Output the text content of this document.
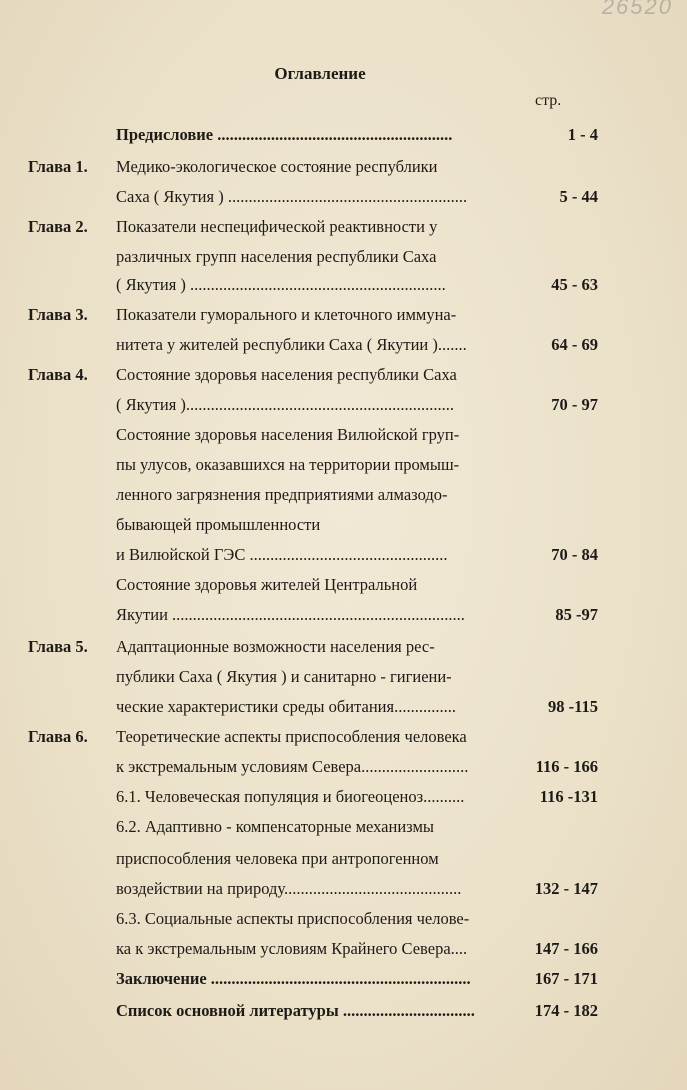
26520
Оглавление
стр.
Предисловие .........................................................	1 - 4
Глава 1.	Медико-экологическое состояние республики
Саха ( Якутия ) ..........................................................	5 - 44
Глава 2.	Показатели неспецифической реактивности у
различных групп населения республики Саха
( Якутия ) ..............................................................	45 - 63
Глава 3.	Показатели гуморального и клеточного иммуна-
нитета у жителей республики Саха ( Якутии ).......	64 - 69
Глава 4.	Состояние здоровья населения республики Саха
( Якутия ).................................................................	70 - 97
Состояние здоровья населения Вилюйской груп-
пы улусов, оказавшихся на территории промыш-
ленного загрязнения предприятиями алмазодо-
бывающей промышленности
и Вилюйской ГЭС ................................................	70 - 84
Состояние здоровья жителей Центральной
Якутии .......................................................................	85 -97
Глава 5.	Адаптационные возможности населения рес-
публики Саха ( Якутия ) и санитарно - гигиени-
ческие характеристики среды обитания...............	98 -115
Глава 6.	Теоретические аспекты приспособления человека
к экстремальным условиям Севера..........................	116 - 166
6.1. Человеческая популяция и биогеоценоз..........	116 -131
6.2. Адаптивно - компенсаторные механизмы
приспособления человека при антропогенном
воздействии на природу...........................................	132 - 147
6.3. Социальные аспекты приспособления челове-
ка к экстремальным условиям Крайнего Севера....	147 - 166
Заключение ...............................................................	167 - 171
Список основной литературы ................................	174 - 182
